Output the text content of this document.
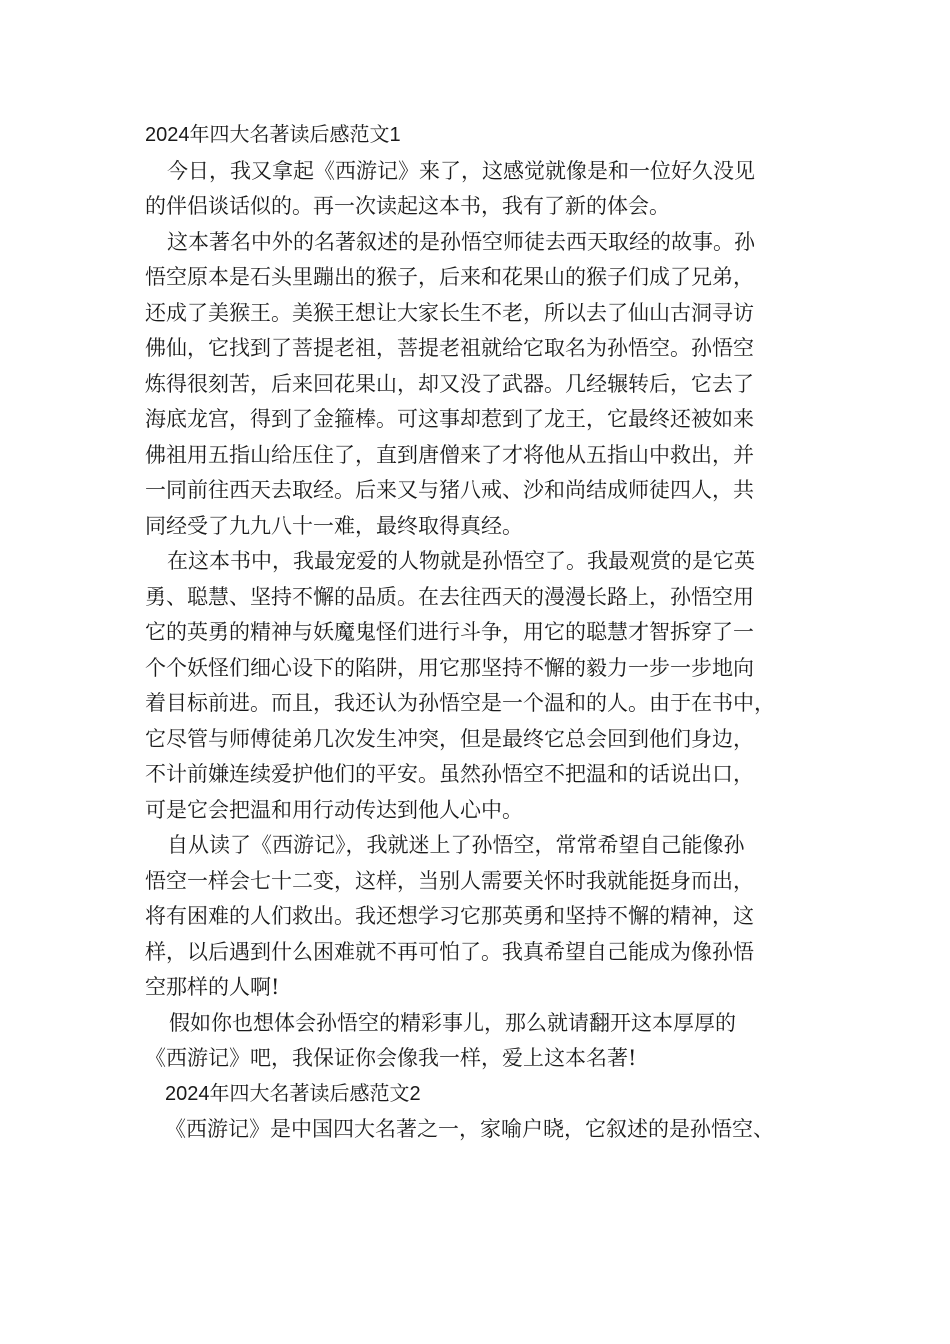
2024年四大名著读后感范文1
今日，我又拿起《西游记》来了，这感觉就像是和一位好久没见
的伴侣谈话似的。再一次读起这本书，我有了新的体会。
这本著名中外的名著叙述的是孙悟空师徒去西天取经的故事。孙
悟空原本是石头里蹦出的猴子，后来和花果山的猴子们成了兄弟，
还成了美猴王。美猴王想让大家长生不老，所以去了仙山古洞寻访
佛仙，它找到了菩提老祖，菩提老祖就给它取名为孙悟空。孙悟空
炼得很刻苦，后来回花果山，却又没了武器。几经辗转后，它去了
海底龙宫，得到了金箍棒。可这事却惹到了龙王，它最终还被如来
佛祖用五指山给压住了，直到唐僧来了才将他从五指山中救出，并
一同前往西天去取经。后来又与猪八戒、沙和尚结成师徒四人，共
同经受了九九八十一难，最终取得真经。
在这本书中，我最宠爱的人物就是孙悟空了。我最观赏的是它英
勇、聪慧、坚持不懈的品质。在去往西天的漫漫长路上，孙悟空用
它的英勇的精神与妖魔鬼怪们进行斗争，用它的聪慧才智拆穿了一
个个妖怪们细心设下的陷阱，用它那坚持不懈的毅力一步一步地向
着目标前进。而且，我还认为孙悟空是一个温和的人。由于在书中，
它尽管与师傅徒弟几次发生冲突，但是最终它总会回到他们身边，
不计前嫌连续爱护他们的平安。虽然孙悟空不把温和的话说出口，
可是它会把温和用行动传达到他人心中。
自从读了《西游记》，我就迷上了孙悟空，常常希望自己能像孙
悟空一样会七十二变，这样，当别人需要关怀时我就能挺身而出，
将有困难的人们救出。我还想学习它那英勇和坚持不懈的精神，这
样，以后遇到什么困难就不再可怕了。我真希望自己能成为像孙悟
空那样的人啊!
假如你也想体会孙悟空的精彩事儿，那么就请翻开这本厚厚的
《西游记》吧，我保证你会像我一样，爱上这本名著!
2024年四大名著读后感范文2
《西游记》是中国四大名著之一，家喻户晓，它叙述的是孙悟空、
